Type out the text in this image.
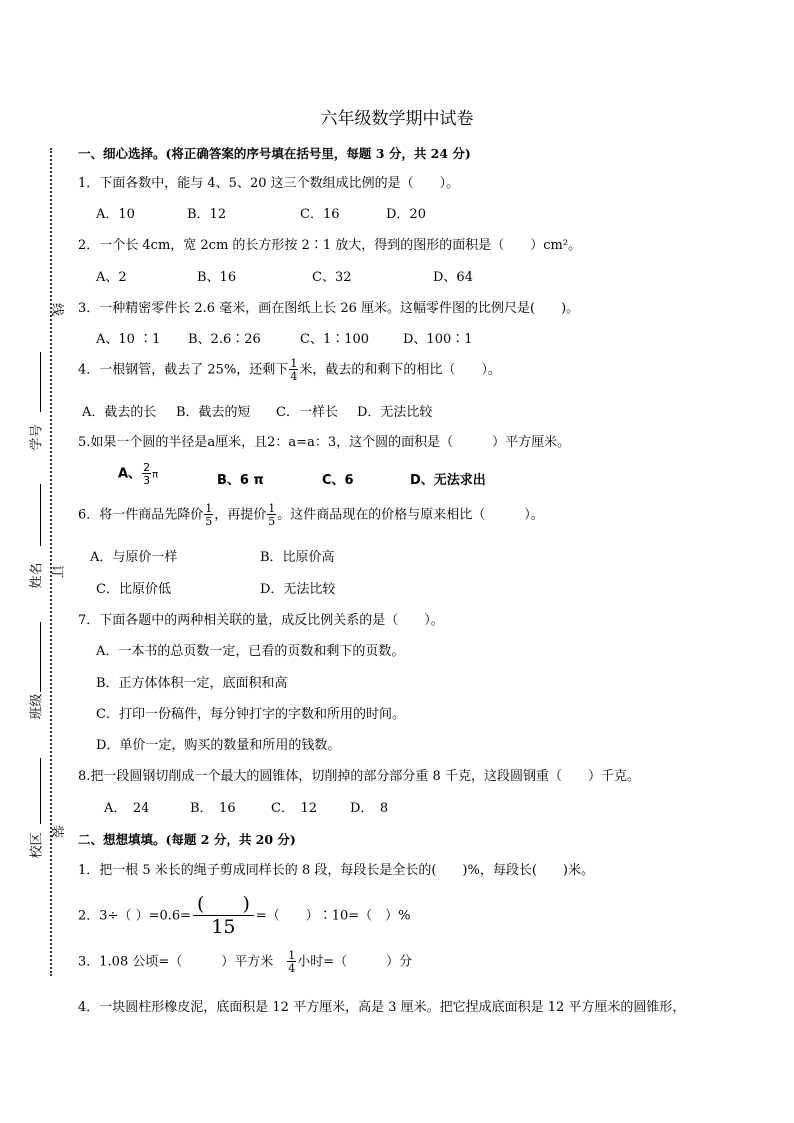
六年级数学期中试卷
学号
姓名
班级
校区
线
订
装
一、细心选择。(将正确答案的序号填在括号里，每题 3 分，共 24 分)
1．下面各数中，能与 4、5、20 这三个数组成比例的是（　　）。
A．10	B．12	C．16	D．20
2．一个长 4cm，宽 2cm 的长方形按 2∶1 放大，得到的图形的面积是（　　）cm²。
A、2	B、16	C、32	D、64
3．一种精密零件长 2.6 毫米，画在图纸上长 26 厘米。这幅零件图的比例尺是(　　)。
A、10 ∶1 B、2.6∶26	C、1∶100	D、100∶1
4．一根钢管，截去了 25%，还剩下 $\frac{1}{4}$ 米，截去的和剩下的相比（　　）。
A．截去的长 B．截去的短 C．一样长 D．无法比较
5.如果一个圆的半径是a厘米，且2：a=a：3，这个圆的面积是（　　　）平方厘米。
A、 $\frac{2}{3}$ π	B、6 π	C、6	D、无法求出
6．将一件商品先降价 $\frac{1}{5}$ ，再提价 $\frac{1}{5}$ 。这件商品现在的价格与原来相比（　　　）。
A．与原价一样	B．比原价高
C．比原价低	D．无法比较
7．下面各题中的两种相关联的量，成反比例关系的是（　　）。
A．一本书的总页数一定，已看的页数和剩下的页数。
B．正方体体积一定，底面积和高
C．打印一份稿件，每分钟打字的字数和所用的时间。
D．单价一定，购买的数量和所用的钱数。
8.把一段圆钢切削成一个最大的圆锥体，切削掉的部分部分重 8 千克，这段圆钢重（　　）千克。
A．　24	B．　16	C．　12	D．　8
二、想想填填。(每题 2 分，共 20 分)
1．把一根 5 米长的绳子剪成同样长的 8 段，每段长是全长的(　　)%，每段长(　　)米。
2．3÷（ ）=0.6=
(　　)
15	=（　　）∶10=（　）%
3．1.08 公顷=（　　　）平方米　 $\frac{1}{4}$ 小时=（　　　）分
4．一块圆柱形橡皮泥，底面积是 12 平方厘米，高是 3 厘米。把它捏成底面积是 12 平方厘米的圆锥形，
